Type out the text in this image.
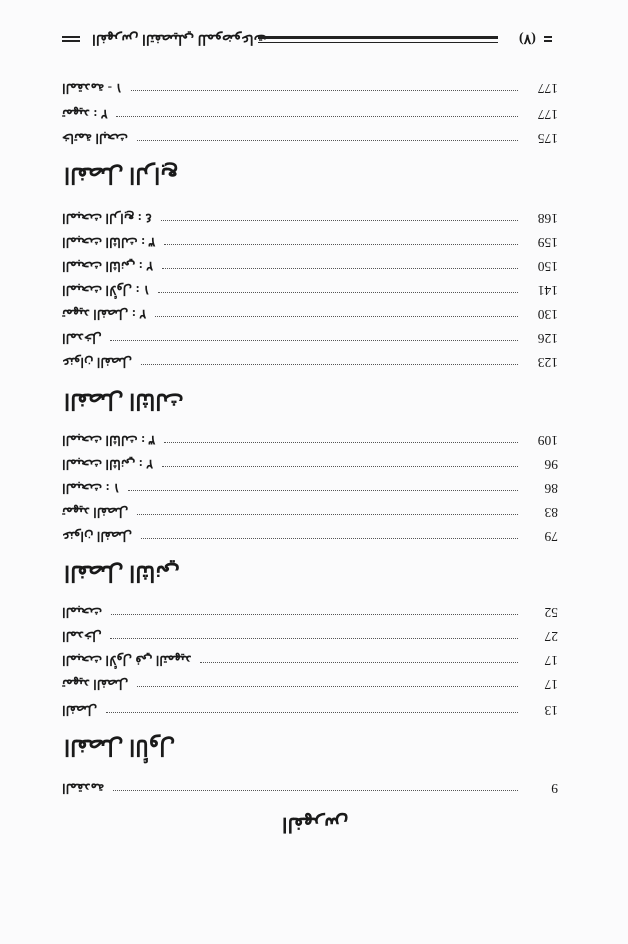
الفهرس التفصيلي للموضوعات	(٧)
المقدمة - ١	177
تمهيد : ٢	177
خاتمة البحث	175
الفصل الرابع
المبحث الرابع : ٤	168
المبحث الثالث : ٣	159
المبحث الثاني : ٢	150
المبحث الأول : ١	141
تمهيد الفصل : ٢	130
المدخل	126
عنوان الفصل	123
الفصل الثالث
المبحث الثالث : ٣	109
المبحث الثاني : ٢	96
المبحث : ١	86
تمهيد الفصل	83
عنوان الفصل	79
الفصل الثاني
المبحث	52
المدخل	27
المبحث الأول في التمهيد	17
تمهيد الفصل	17
الفصل	13
الفصل الأول
المقدمة	9
الفهرس
